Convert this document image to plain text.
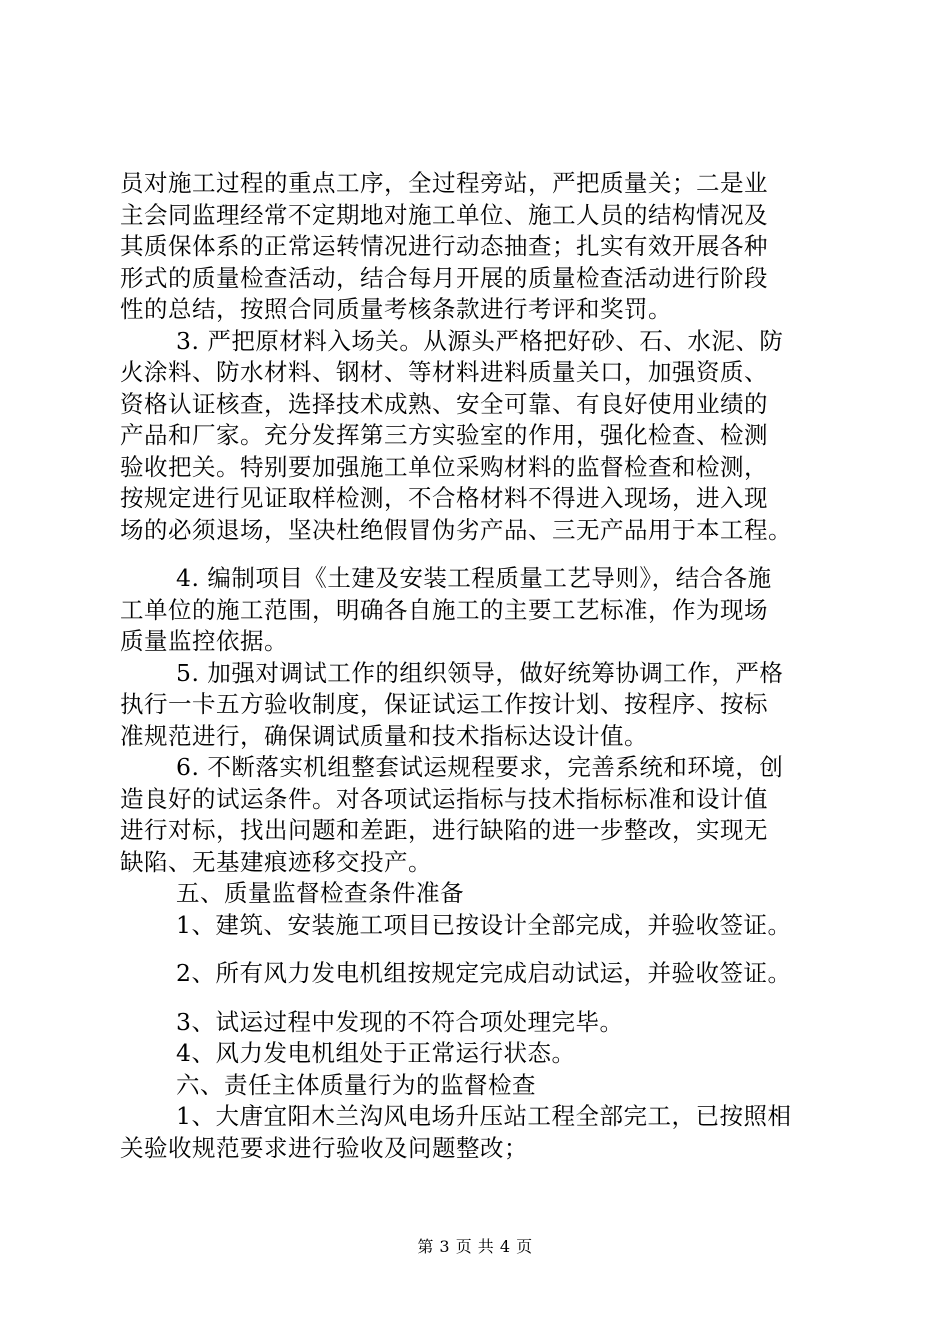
员对施工过程的重点工序，全过程旁站，严把质量关；二是业

主会同监理经常不定期地对施工单位、施工人员的结构情况及

其质保体系的正常运转情况进行动态抽查；扎实有效开展各种

形式的质量检查活动，结合每月开展的质量检查活动进行阶段

性的总结，按照合同质量考核条款进行考评和奖罚。

3. 严把原材料入场关。从源头严格把好砂、石、水泥、防

火涂料、防水材料、钢材、等材料进料质量关口，加强资质、

资格认证核查，选择技术成熟、安全可靠、有良好使用业绩的

产品和厂家。充分发挥第三方实验室的作用，强化检查、检测

验收把关。特别要加强施工单位采购材料的监督检查和检测，

按规定进行见证取样检测，不合格材料不得进入现场，进入现

场的必须退场，坚决杜绝假冒伪劣产品、三无产品用于本工程。

4. 编制项目《土建及安装工程质量工艺导则》，结合各施

工单位的施工范围，明确各自施工的主要工艺标准，作为现场

质量监控依据。

5. 加强对调试工作的组织领导，做好统筹协调工作，严格

执行一卡五方验收制度，保证试运工作按计划、按程序、按标

准规范进行，确保调试质量和技术指标达设计值。

6. 不断落实机组整套试运规程要求，完善系统和环境，创

造良好的试运条件。对各项试运指标与技术指标标准和设计值

进行对标，找出问题和差距，进行缺陷的进一步整改，实现无

缺陷、无基建痕迹移交投产。

五、质量监督检查条件准备

1、建筑、安装施工项目已按设计全部完成，并验收签证。

2、所有风力发电机组按规定完成启动试运，并验收签证。

3、试运过程中发现的不符合项处理完毕。

4、风力发电机组处于正常运行状态。

六、责任主体质量行为的监督检查

1、大唐宜阳木兰沟风电场升压站工程全部完工，已按照相

关验收规范要求进行验收及问题整改；

第 3 页 共 4 页
